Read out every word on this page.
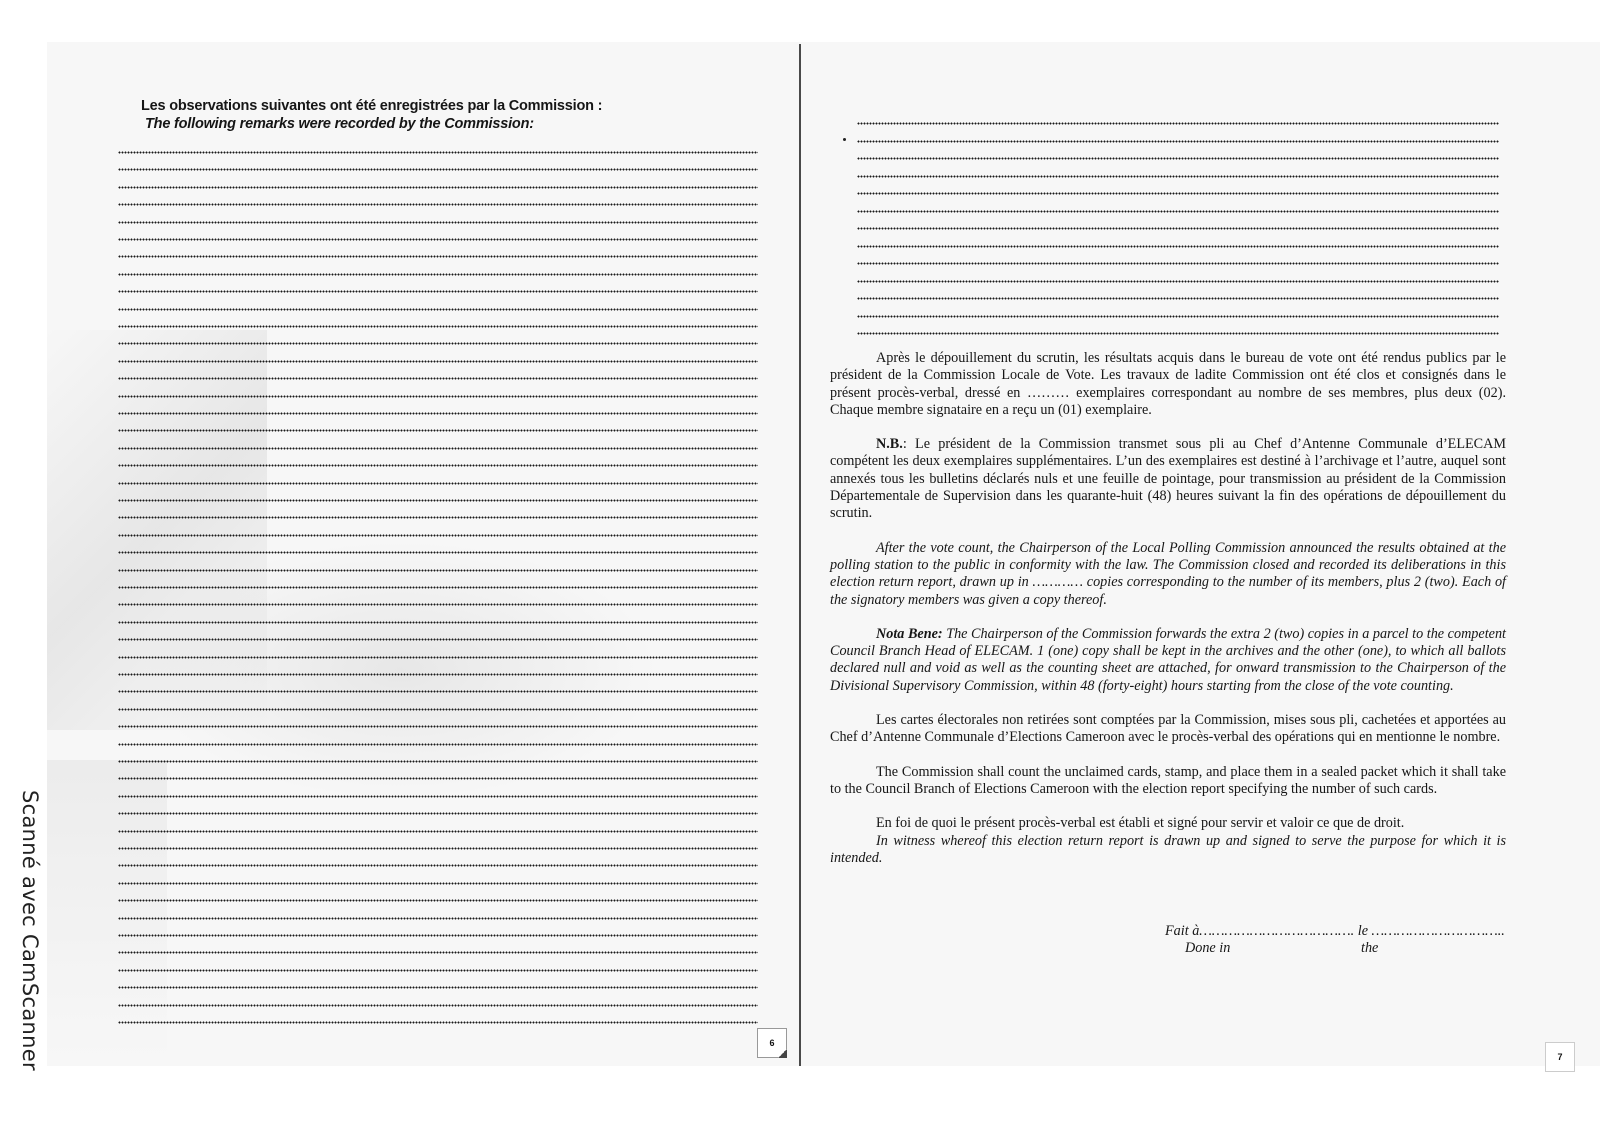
Scanné avec CamScanner
Les observations suivantes ont été enregistrées par la Commission :
The following remarks were recorded by the Commission:
6

Après le dépouillement du scrutin, les résultats acquis dans le bureau de vote ont été rendus publics par le président de la Commission Locale de Vote. Les travaux de ladite Commission ont été clos et consignés dans le présent procès-verbal, dressé en ……… exemplaires correspondant au nombre de ses membres, plus deux (02). Chaque membre signataire en a reçu un (01) exemplaire.

N.B.: Le président de la Commission transmet sous pli au Chef d’Antenne Communale d’ELECAM compétent les deux exemplaires supplémentaires. L’un des exemplaires est destiné à l’archivage et l’autre, auquel sont annexés tous les bulletins déclarés nuls et une feuille de pointage, pour transmission au président de la Commission Départementale de Supervision dans les quarante-huit (48) heures suivant la fin des opérations de dépouillement du scrutin.

After the vote count, the Chairperson of the Local Polling Commission announced the results obtained at the polling station to the public in conformity with the law. The Commission closed and recorded its deliberations in this election return report, drawn up in ………… copies corresponding to the number of its members, plus 2 (two). Each of the signatory members was given a copy thereof.

Nota Bene: The Chairperson of the Commission forwards the extra 2 (two) copies in a parcel to the competent Council Branch Head of ELECAM. 1 (one) copy shall be kept in the archives and the other (one), to which all ballots declared null and void as well as the counting sheet are attached, for onward transmission to the Chairperson of the Divisional Supervisory Commission, within 48 (forty-eight) hours starting from the close of the vote counting.

Les cartes électorales non retirées sont comptées par la Commission, mises sous pli, cachetées et apportées au Chef d’Antenne Communale d’Elections Cameroon avec le procès-verbal des opérations qui en mentionne le nombre.

The Commission shall count the unclaimed cards, stamp, and place them in a sealed packet which it shall take to the Council Branch of Elections Cameroon with the election report specifying the number of such cards.

En foi de quoi le présent procès-verbal est établi et signé pour servir et valoir ce que de droit.

In witness whereof this election return report is drawn up and signed to serve the purpose for which it is intended.

Fait à………………………………. le …………………………..
Done in	the
7
